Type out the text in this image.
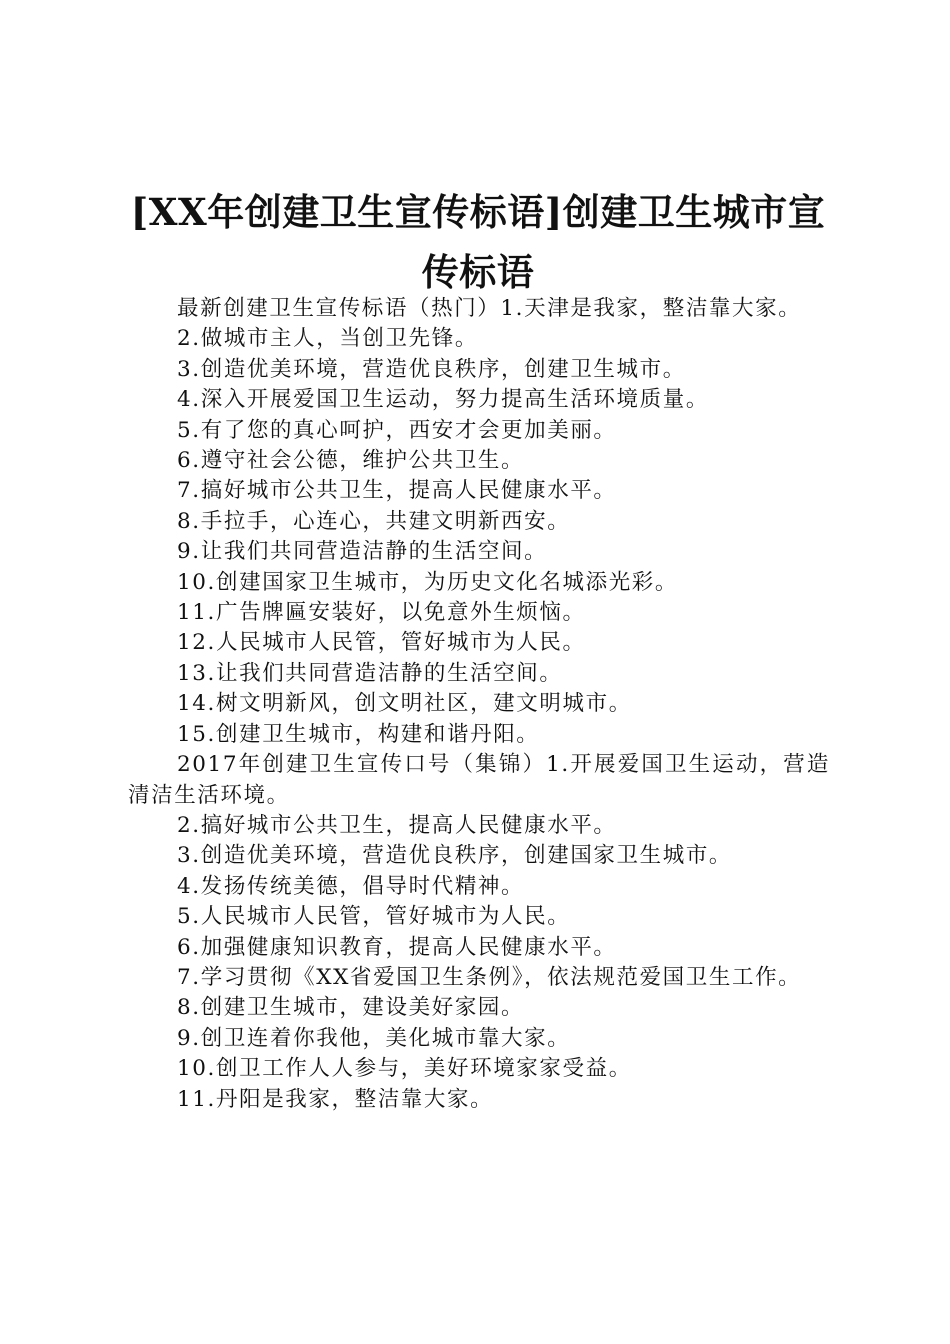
[XX年创建卫生宣传标语]创建卫生城市宣传标语

最新创建卫生宣传标语（热门）1.天津是我家，整洁靠大家。

2.做城市主人，当创卫先锋。

3.创造优美环境，营造优良秩序，创建卫生城市。

4.深入开展爱国卫生运动，努力提高生活环境质量。

5.有了您的真心呵护，西安才会更加美丽。

6.遵守社会公德，维护公共卫生。

7.搞好城市公共卫生，提高人民健康水平。

8.手拉手，心连心，共建文明新西安。

9.让我们共同营造洁静的生活空间。

10.创建国家卫生城市，为历史文化名城添光彩。

11.广告牌匾安装好，以免意外生烦恼。

12.人民城市人民管，管好城市为人民。

13.让我们共同营造洁静的生活空间。

14.树文明新风，创文明社区，建文明城市。

15.创建卫生城市，构建和谐丹阳。

2017年创建卫生宣传口号（集锦）1.开展爱国卫生运动，营造清洁生活环境。

2.搞好城市公共卫生，提高人民健康水平。

3.创造优美环境，营造优良秩序，创建国家卫生城市。

4.发扬传统美德，倡导时代精神。

5.人民城市人民管，管好城市为人民。

6.加强健康知识教育，提高人民健康水平。

7.学习贯彻《XX省爱国卫生条例》，依法规范爱国卫生工作。

8.创建卫生城市，建设美好家园。

9.创卫连着你我他，美化城市靠大家。

10.创卫工作人人参与，美好环境家家受益。

11.丹阳是我家，整洁靠大家。
